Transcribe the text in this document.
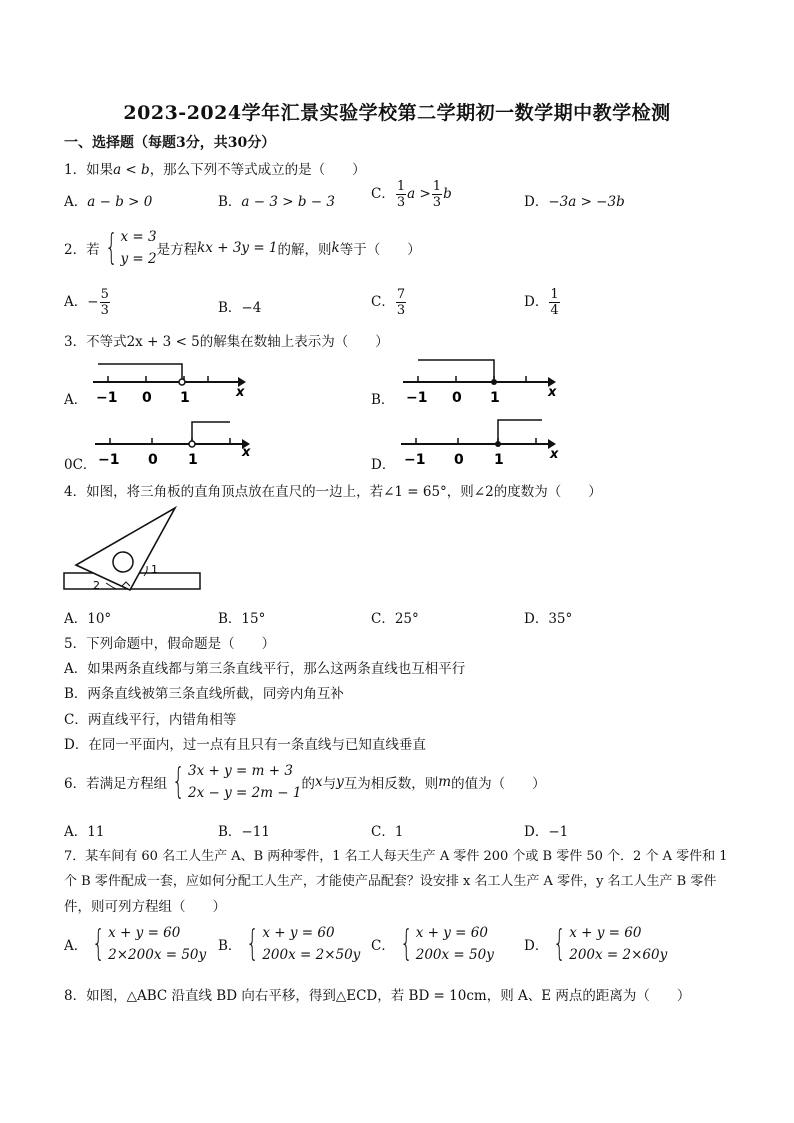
2023-2024学年汇景实验学校第二学期初一数学期中教学检测
一、选择题（每题3分，共30分）
1．如果a < b，那么下列不等式成立的是（　　）
A．a − b > 0	B．a − 3 > b − 3	C． $\frac{1}{3}$ $a > \frac{1}{3}$ b	D．−3a > −3b
2．若 { x = 3
y = 2
是方程 kx + 3y = 1 的解，则 k 等于（　　）
A．− $\frac{5}{3}$	B．−4	C． $\frac{7}{3}$	D． $\frac{1}{4}$
3．不等式2x + 3 < 5的解集在数轴上表示为（　　）
A． −1 0 1	x	B． −1 0 1	x
0C． −1 0 1	x
D． −1 0 1	x
4．如图，将三角板的直角顶点放在直尺的一边上，若∠1 = 65°，则∠2的度数为（　　）
1
2
A．10°	B．15°	C．25°	D．35°
5．下列命题中，假命题是（　　）
A．如果两条直线都与第三条直线平行，那么这两条直线也互相平行
B．两条直线被第三条直线所截，同旁内角互补
C．两直线平行，内错角相等
D．在同一平面内，过一点有且只有一条直线与已知直线垂直
6．若满足方程组 { 3x + y = m + 3
2x − y = 2m − 1
的 x 与 y 互为相反数，则 m 的值为（　　）
A．11	B．−11	C．1	D．−1
7．某车间有 60 名工人生产 A、B 两种零件，1 名工人每天生产 A 零件 200 个或 B 零件 50 个．2 个 A 零件和 1
个 B 零件配成一套，应如何分配工人生产，才能使产品配套？设安排 x 名工人生产 A 零件，y 名工人生产 B 零件
件，则可列方程组（　　）
A． { x + y = 60
2×200x = 50y
B． { x + y = 60
200x = 2×50y
C． { x + y = 60
200x = 50y
D． { x + y = 60
200x = 2×60y
8．如图，△ABC 沿直线 BD 向右平移，得到△ECD，若 BD = 10cm，则 A、E 两点的距离为（　　）
